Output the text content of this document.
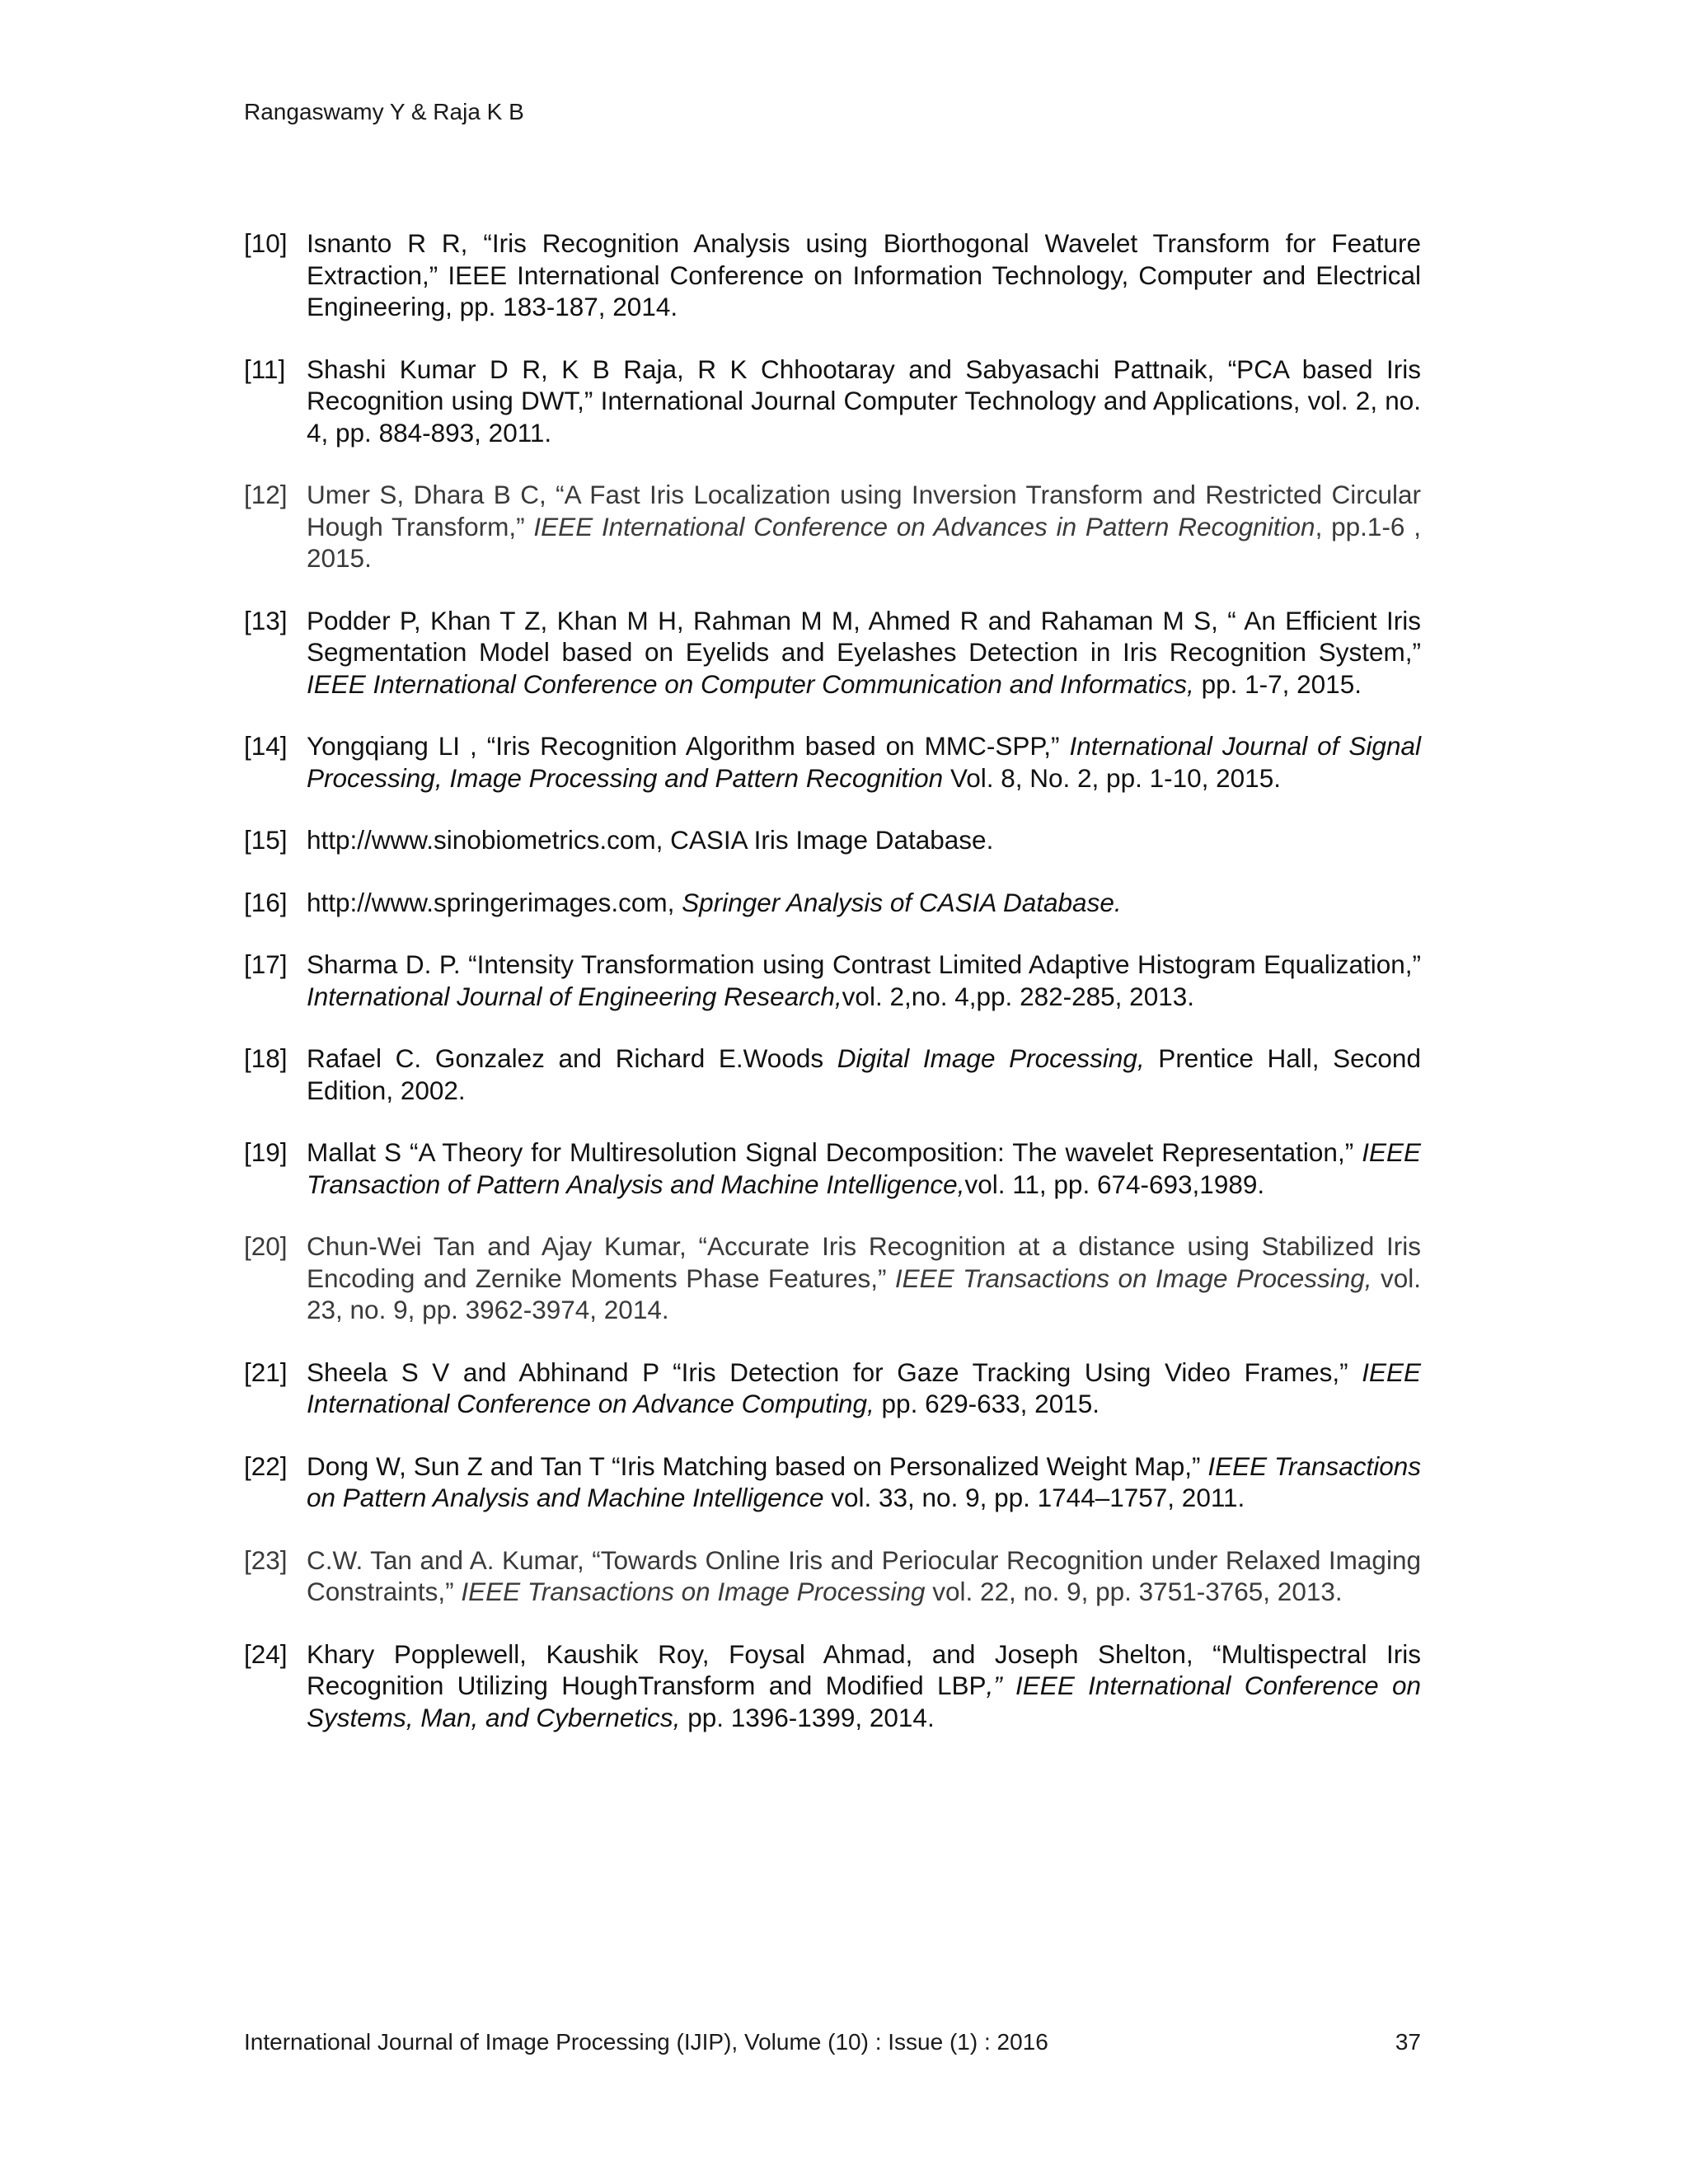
Rangaswamy Y & Raja K B
[10] Isnanto R R, “Iris Recognition Analysis using Biorthogonal Wavelet Transform for Feature Extraction,” IEEE International Conference on Information Technology, Computer and Electrical Engineering, pp. 183-187, 2014.
[11] Shashi Kumar D R, K B Raja, R K Chhootaray and Sabyasachi Pattnaik, “PCA based Iris Recognition using DWT,” International Journal Computer Technology and Applications, vol. 2, no. 4, pp. 884-893, 2011.
[12] Umer S, Dhara B C, “A Fast Iris Localization using Inversion Transform and Restricted Circular Hough Transform,” IEEE International Conference on Advances in Pattern Recognition, pp.1-6 , 2015.
[13] Podder P, Khan T Z, Khan M H, Rahman M M, Ahmed R and Rahaman M S, “ An Efficient Iris Segmentation Model based on Eyelids and Eyelashes Detection in Iris Recognition System,” IEEE International Conference on Computer Communication and Informatics, pp. 1-7, 2015.
[14] Yongqiang LI , “Iris Recognition Algorithm based on MMC-SPP,” International Journal of Signal Processing, Image Processing and Pattern Recognition Vol. 8, No. 2, pp. 1-10, 2015.
[15] http://www.sinobiometrics.com, CASIA Iris Image Database.
[16] http://www.springerimages.com, Springer Analysis of CASIA Database.
[17] Sharma D. P. “Intensity Transformation using Contrast Limited Adaptive Histogram Equalization,” International Journal of Engineering Research,vol. 2,no. 4,pp. 282-285, 2013.
[18] Rafael C. Gonzalez and Richard E.Woods Digital Image Processing, Prentice Hall, Second Edition, 2002.
[19] Mallat S “A Theory for Multiresolution Signal Decomposition: The wavelet Representation,” IEEE Transaction of Pattern Analysis and Machine Intelligence,vol. 11, pp. 674-693,1989.
[20] Chun-Wei Tan and Ajay Kumar, “Accurate Iris Recognition at a distance using Stabilized Iris Encoding and Zernike Moments Phase Features,” IEEE Transactions on Image Processing, vol. 23, no. 9, pp. 3962-3974, 2014.
[21] Sheela S V and Abhinand P “Iris Detection for Gaze Tracking Using Video Frames,” IEEE International Conference on Advance Computing, pp. 629-633, 2015.
[22] Dong W, Sun Z and Tan T “Iris Matching based on Personalized Weight Map,” IEEE Transactions on Pattern Analysis and Machine Intelligence vol. 33, no. 9, pp. 1744–1757, 2011.
[23] C.W. Tan and A. Kumar, “Towards Online Iris and Periocular Recognition under Relaxed Imaging Constraints,” IEEE Transactions on Image Processing vol. 22, no. 9, pp. 3751-3765, 2013.
[24] Khary Popplewell, Kaushik Roy, Foysal Ahmad, and Joseph Shelton, “Multispectral Iris Recognition Utilizing HoughTransform and Modified LBP,” IEEE International Conference on Systems, Man, and Cybernetics, pp. 1396-1399, 2014.
International Journal of Image Processing (IJIP), Volume (10) : Issue (1) : 2016	37
